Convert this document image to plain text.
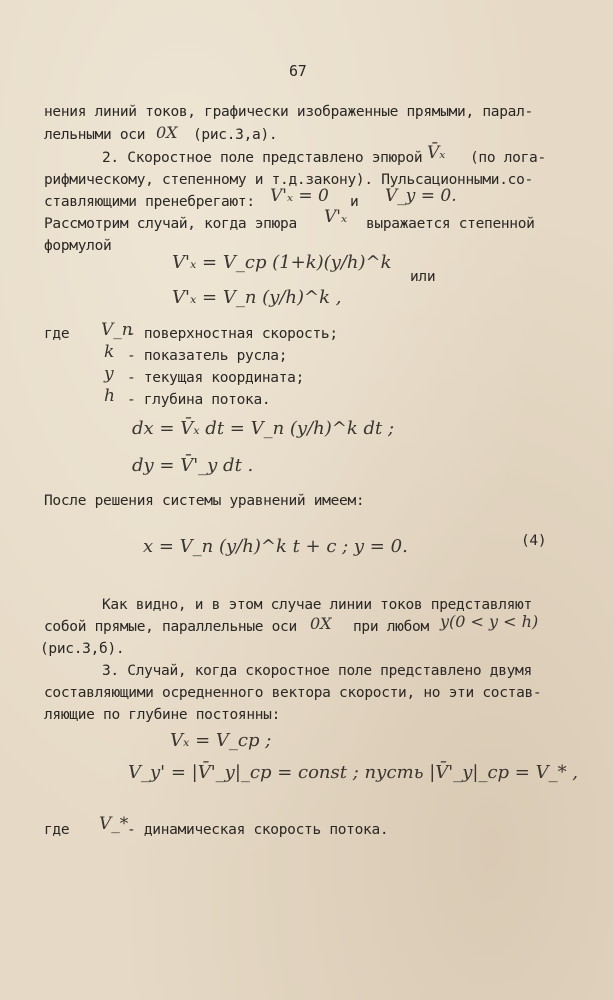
67
нения линий токов, графически изображенные прямыми, парал-
лельными оси 0X (рис.3,а).
2. Скоростное поле представлено эпюрой V̄ₓ (по лога-
рифмическому, степенному и т.д.закону). Пульсационными.со-
ставляющими пренебрегают: V'ₓ = 0 и V_y = 0.
Рассмотрим случай, когда эпюра V'ₓ выражается степенной
формулой
V'ₓ = V_ср (1+k)(y/h)^k
или
V'ₓ = V_п (y/h)^k ,
где V_п
- поверхностная скорость;
k - показатель русла;
y - текущая координата;
h - глубина потока.
dx = V̄ₓ dt = V_п (y/h)^k dt ;
dy = V̄'_y dt .
После решения системы уравнений имеем:
x = V_п (y/h)^k t + c ; y = 0.	(4)
Как видно, и в этом случае линии токов представляют
собой прямые, параллельные оси 0X при любом y(0 < y < h)
(рис.3,б).
3. Случай, когда скоростное поле представлено двумя
составляющими осредненного вектора скорости, но эти состав-
ляющие по глубине постоянны:
Vₓ = V_ср ;
V_y' = |V̄'_y|_ср = const ; пусть |V̄'_y|_ср = V_* ,
где V_*
- динамическая скорость потока.
